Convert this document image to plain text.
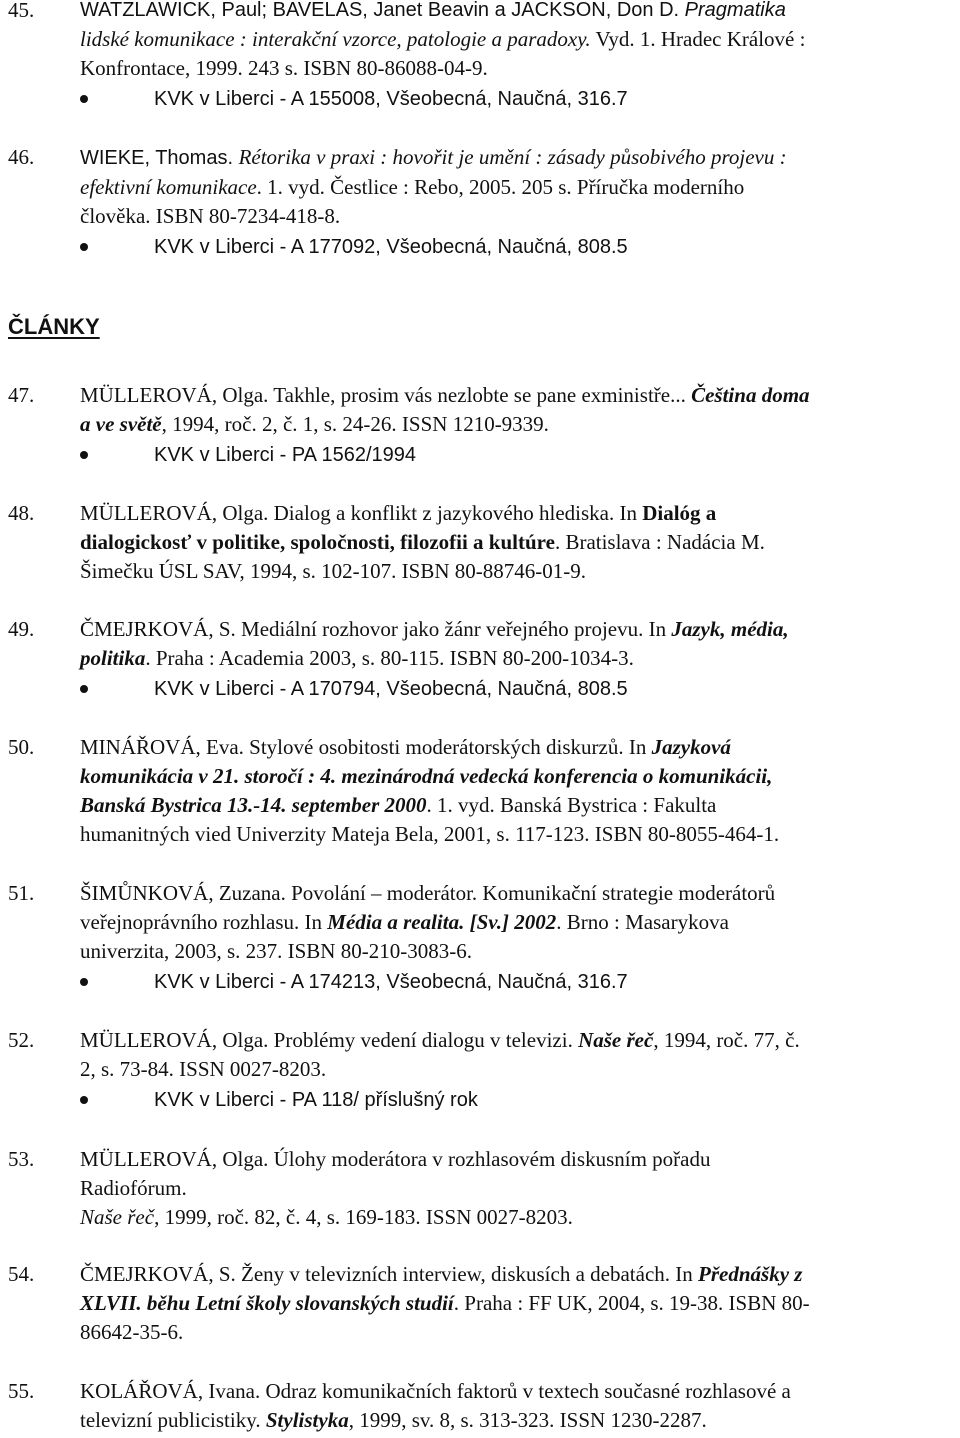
45. WATZLAWICK, Paul; BAVELAS, Janet Beavin a JACKSON, Don D. Pragmatika
lidské komunikace : interakční vzorce, patologie a paradoxy. Vyd. 1. Hradec Králové :
Konfrontace, 1999. 243 s. ISBN 80-86088-04-9.
KVK v Liberci - A 155008, Všeobecná, Naučná, 316.7
46. WIEKE, Thomas. Rétorika v praxi : hovořit je umění : zásady působivého projevu :
efektivní komunikace. 1. vyd. Čestlice : Rebo, 2005. 205 s. Příručka moderního
člověka. ISBN 80-7234-418-8.
KVK v Liberci - A 177092, Všeobecná, Naučná, 808.5
ČLÁNKY
47. MÜLLEROVÁ, Olga. Takhle, prosim vás nezlobte se pane exministře... Čeština doma
a ve světě, 1994, roč. 2, č. 1, s. 24-26. ISSN 1210-9339.
KVK v Liberci - PA 1562/1994
48. MÜLLEROVÁ, Olga. Dialog a konflikt z jazykového hlediska. In Dialóg a
dialogickosť v politike, spoločnosti, filozofii a kultúre. Bratislava : Nadácia M.
Šimečku ÚSL SAV, 1994, s. 102-107. ISBN 80-88746-01-9.
49. ČMEJRKOVÁ, S. Mediální rozhovor jako žánr veřejného projevu. In Jazyk, média,
politika. Praha : Academia 2003, s. 80-115. ISBN 80-200-1034-3.
KVK v Liberci - A 170794, Všeobecná, Naučná, 808.5
50. MINÁŘOVÁ, Eva. Stylové osobitosti moderátorských diskurzů. In Jazyková
komunikácia v 21. storočí : 4. mezinárodná vedecká konferencia o komunikácii,
Banská Bystrica 13.-14. september 2000. 1. vyd. Banská Bystrica : Fakulta
humanitných vied Univerzity Mateja Bela, 2001, s. 117-123. ISBN 80-8055-464-1.
51. ŠIMŮNKOVÁ, Zuzana. Povolání – moderátor. Komunikační strategie moderátorů
veřejnoprávního rozhlasu. In Média a realita. [Sv.] 2002. Brno : Masarykova
univerzita, 2003, s. 237. ISBN 80-210-3083-6.
KVK v Liberci - A 174213, Všeobecná, Naučná, 316.7
52. MÜLLEROVÁ, Olga. Problémy vedení dialogu v televizi. Naše řeč, 1994, roč. 77, č.
2, s. 73-84. ISSN 0027-8203.
KVK v Liberci - PA 118/ příslušný rok
53. MÜLLEROVÁ, Olga. Úlohy moderátora v rozhlasovém diskusním pořadu
Radiofórum.
Naše řeč, 1999, roč. 82, č. 4, s. 169-183. ISSN 0027-8203.
54. ČMEJRKOVÁ, S. Ženy v televizních interview, diskusích a debatách. In Přednášky z
XLVII. běhu Letní školy slovanských studií. Praha : FF UK, 2004, s. 19-38. ISBN 80-
86642-35-6.
55. KOLÁŘOVÁ, Ivana. Odraz komunikačních faktorů v textech současné rozhlasové a
televizní publicistiky. Stylistyka, 1999, sv. 8, s. 313-323. ISSN 1230-2287.
